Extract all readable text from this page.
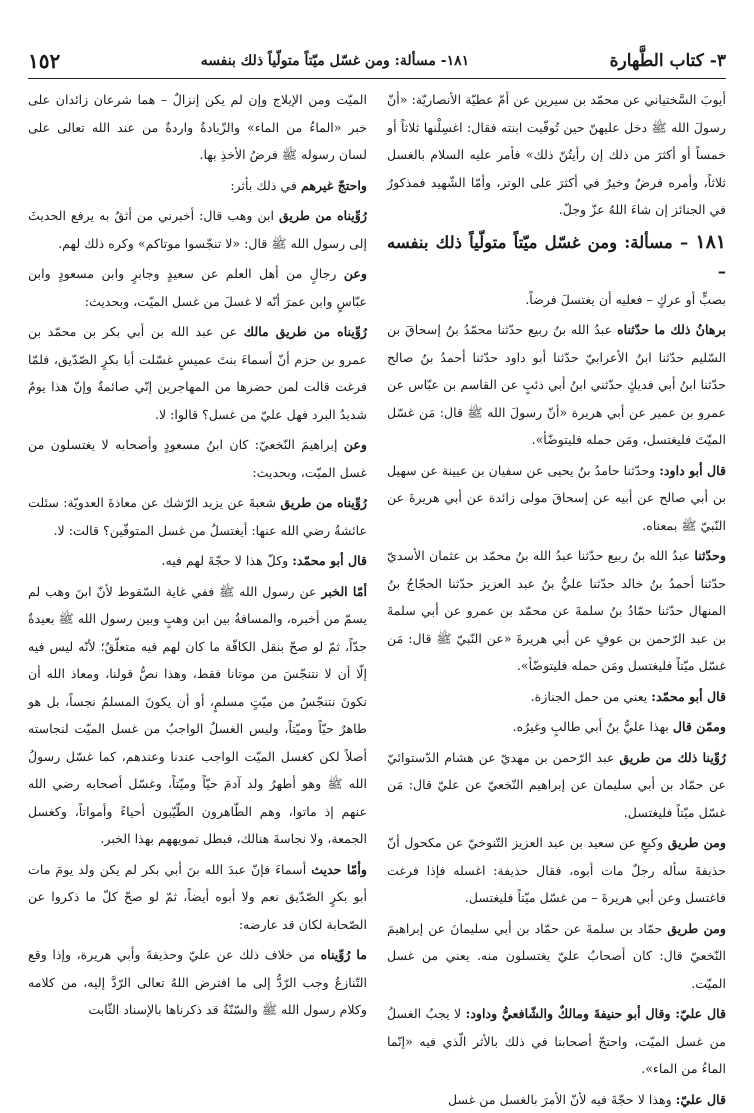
٣- كتاب الطَّهارة
١٨١- مسألة: ومن غسّل ميّتاً متولّياً ذلك بنفسه
١٥٢

أيوبَ السَّختياني عن محمّد بن سيرين عن أمّ عطيّة الأنصاريّة: «أنّ رسولَ الله ﷺ دخل عليهنّ حين تُوفّيت ابنته فقال: اغسِلْنها ثلاثاً أو خمساً أو أكثرَ من ذلك إن رأيتُنّ ذلك» فأمر عليه السلام بالغسل ثلاثاً، وأمره فرضٌ وخيرٌ في أكثرَ على الوتر، وأمّا الشّهيد فمذكورٌ في الجنائز إن شاءَ اللهُ عزّ وجلّ.

١٨١ – مسألة: ومن غسّل ميّتاً متولّياً ذلك بنفسه –

بصبٍّ أو عركٍ – فعليه أن يغتسلَ فرضاً.

برهانُ ذلك ما حدّثناه عبدُ الله بنُ ربيع حدّثنا محمّدُ بنُ إسحاقَ بن السّليم حدّثنا ابنُ الأعرابيّ حدّثنا أبو داود حدّثنا أحمدُ بنُ صالح حدّثنا ابنُ أبي فديكٍ حدّثني ابنُ أبي ذئبٍ عن القاسم بن عبّاس عن عمرو بن عمير عن أبي هريرة «أنّ رسولَ الله ﷺ قال: مَن غسّل الميّتَ فليغتسل، ومَن حمله فليتوضّأ».

قال أبو داود: وحدّثنا حامدُ بنُ يحيى عن سفيان بن عيينة عن سهيل بن أبي صالح عن أبيه عن إسحاقَ مولى زائدة عن أبي هريرةَ عن النّبيّ ﷺ بمعناه.

وحدّثنا عبدُ الله بنُ ربيع حدّثنا عبدُ الله بنُ محمّد بن عثمان الأسديّ حدّثنا أحمدُ بنُ خالد حدّثنا عليُّ بنُ عبد العزيز حدّثنا الحجّاجُ بنُ المنهال حدّثنا حمّادُ بنُ سلمةَ عن محمّد بن عمرو عن أبي سلمةَ بن عبد الرّحمن بن عوفٍ عن أبي هريرةَ «عن النّبيّ ﷺ قال: مَن غسّل ميّتاً فليغتسل ومَن حمله فليتوضّأ».

قال أبو محمّد: يعني من حمل الجنازة.

وممّن قال بهذا عليُّ بنُ أبي طالبٍ وغيرُه.

رُوِّينا ذلك من طريق عبد الرّحمن بن مهديّ عن هشام الدّستوائيّ عن حمّاد بن أبي سليمان عن إبراهيم النّخعيّ عن عليّ قال: مَن غسّل ميّتاً فليغتسل.

ومن طريق وكيعٍ عن سعيد بن عبد العزيز التّنوخيّ عن مكحول أنّ حذيفةَ سأله رجلٌ مات أبوه، فقال حذيفة: اغسله فإذا فرغت فاغتسل وعن أبي هريرةَ – من غسّل ميّتاً فليغتسل.

ومن طريق حمّاد بن سلمةَ عن حمّاد بن أبي سليمانَ عن إبراهيمَ النّخعيّ قال: كان أصحابُ عليّ يغتسلون منه. يعني من غسل الميّت.

قال عليّ: وقال أبو حنيفةَ ومالكٌ والشّافعيُّ وداود: لا يجبُ الغسلُ من غسل الميّت، واحتجّ أصحابنا في ذلك بالأثر الّذي فيه «إنّما الماءُ من الماء».

قال عليّ: وهذا لا حجّةَ فيه لأنّ الأمرَ بالغسل من غسل

الميّت ومن الإيلاج وإن لم يكن إنزالٌ – هما شرعان زائدان على خبر «الماءُ من الماء» والزّيادةُ واردةٌ من عند الله تعالى على لسان رسوله ﷺ فرضُ الأخذِ بها.

واحتجّ غيرهم في ذلك بأثر:

رُوِّيناه من طريق ابن وهب قال: أخبرني من أثقُ به يرفع الحديثَ إلى رسول الله ﷺ قال: «لا تنجّسوا موتاكم» وكره ذلك لهم.

وعن رجالٍ من أهل العلم عن سعيدٍ وجابرٍ وابن مسعودٍ وابن عبّاسٍ وابن عمرَ أنّه لا غسلَ من غسل الميّت، وبحديث:

رُوِّيناه من طريق مالك عن عبد الله بن أبي بكر بن محمّد بن عمرو بن حزم أنّ أسماءَ بنتَ عميسٍ غسّلت أبا بكرٍ الصّدّيق، فلمّا فرغت قالت لمن حضرها من المهاجرين إنّي صائمةٌ وإنّ هذا يومٌ شديدُ البرد فهل عليّ من غسل؟ قالوا: لا.

وعن إبراهيمَ النّخعيّ: كان ابنُ مسعودٍ وأصحابه لا يغتسلون من غسل الميّت، وبحديث:

رُوِّيناه من طريق شعبةَ عن يزيد الرّشك عن معاذةَ العدويّة: سئلت عائشةُ رضي الله عنها: أيغتسلُ من غسل المتوفّين؟ قالت: لا.

قال أبو محمّد: وكلّ هذا لا حجّةَ لهم فيه.

أمّا الخبر عن رسول الله ﷺ ففي غاية السّقوط لأنّ ابنَ وهب لم يسمّ من أخبره، والمسافةُ بين ابن وهبٍ وبين رسول الله ﷺ بعيدةٌ جدّاً، ثمّ لو صحّ بنقل الكافّة ما كان لهم فيه متعلّقٌ؛ لأنّه ليس فيه إلّا أن لا نتنجّسَ من موتانا فقط، وهذا نصُّ قولنا، ومعاذ الله أن نكونَ نتنجّسُ من ميّتٍ مسلمٍ، أو أن يكونَ المسلمُ نجساً، بل هو طاهرٌ حيّاً وميّتاً، وليس الغسلُ الواجبُ من غسل الميّت لنجاسته أصلاً لكن كغسل الميّت الواجب عندنا وعندهم، كما غسّل رسولُ الله ﷺ وهو أطهرُ ولد آدمَ حيّاً وميّتاً، وغسّل أصحابه رضي الله عنهم إذ ماتوا، وهم الطّاهرون الطّيّبون أحياءً وأمواتاً، وكغسل الجمعة، ولا نجاسةَ هنالك، فبطل تمويههم بهذا الخبر.

وأمّا حديث أسماءَ فإنّ عبدَ الله بنَ أبي بكر لم يكن ولد يومَ مات أبو بكرٍ الصّدّيق نعم ولا أبوه أيضاً، ثمّ لو صحّ كلّ ما ذكروا عن الصّحابة لكان قد عارضه:

ما رُوِّيناه من خلاف ذلك عن عليّ وحذيفةَ وأبي هريرة، وإذا وقع التّنازعُ وجب الرّدُّ إلى ما افترض اللهُ تعالى الرّدَّ إليه، من كلامه وكلام رسول الله ﷺ والسّنّةُ قد ذكرناها بالإسناد الثّابت
